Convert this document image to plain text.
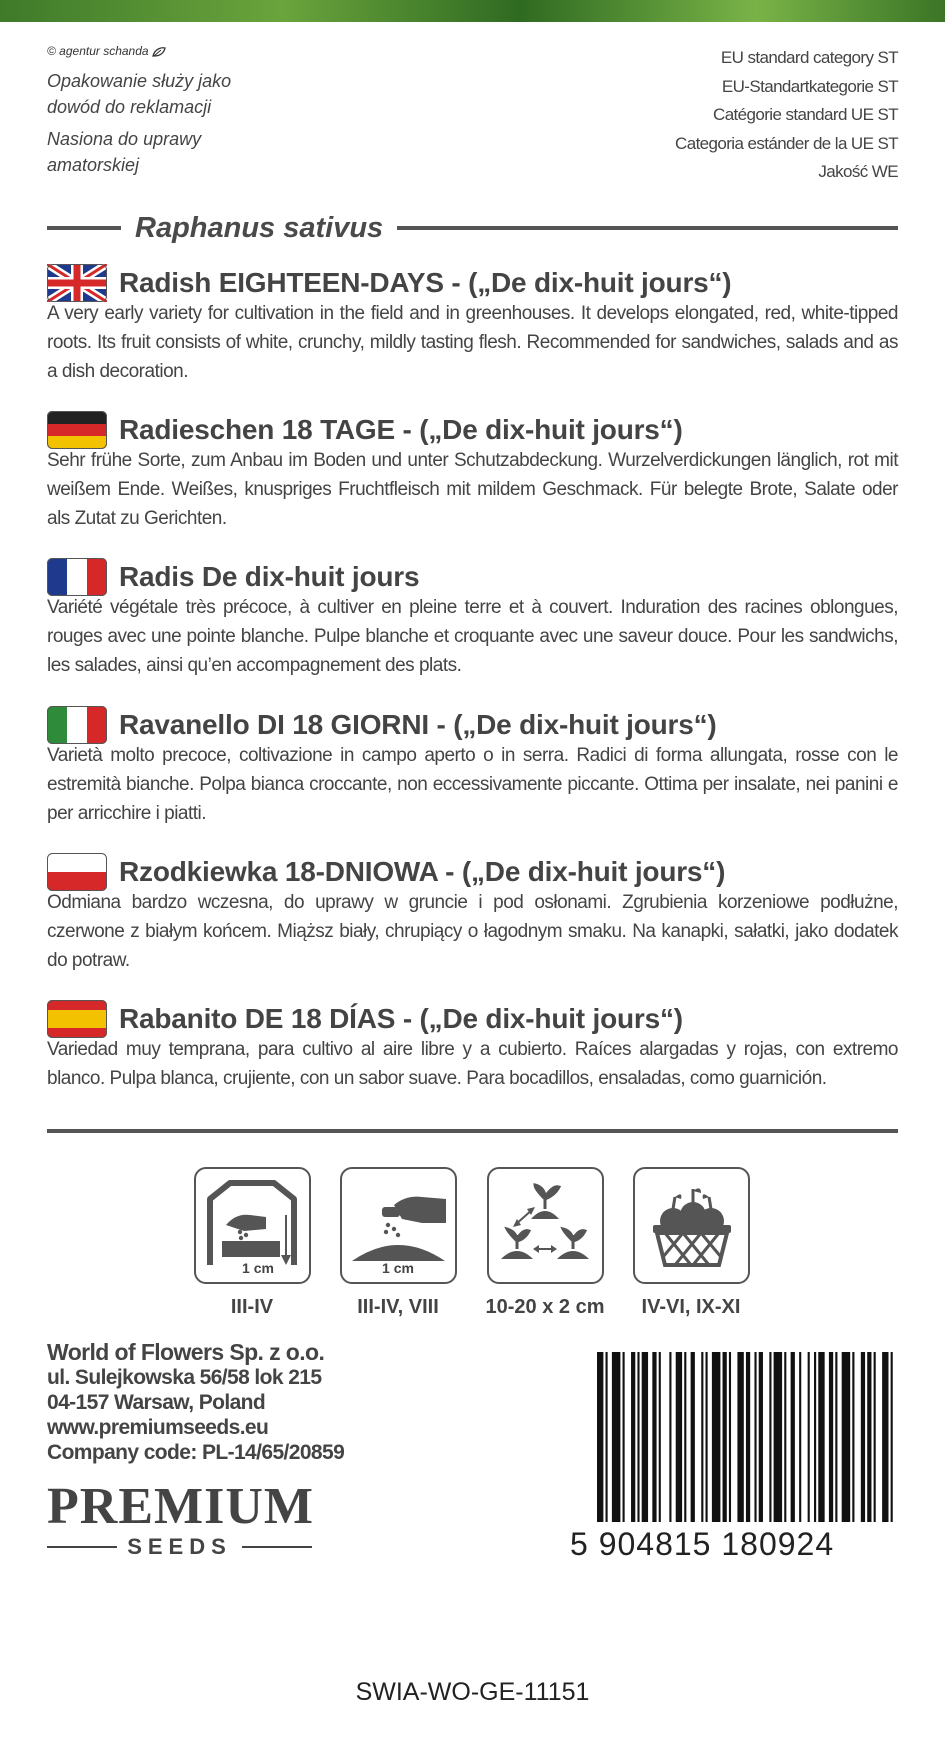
© agentur schanda
Opakowanie służy jako
dowód do reklamacji
Nasiona do uprawy
amatorskiej
EU standard category ST
EU-Standartkategorie ST
Catégorie standard UE ST
Categoria estánder de la UE ST
Jakość WE
Raphanus sativus
Radish EIGHTEEN-DAYS - („De dix-huit jours“)
A very early variety for cultivation in the field and in greenhouses. It develops elongated, red, white-tipped roots. Its fruit consists of white, crunchy, mildly tasting flesh. Recommended for sandwiches, salads and as a dish decoration.
Radieschen 18 TAGE - („De dix-huit jours“)
Sehr frühe Sorte, zum Anbau im Boden und unter Schutzabdeckung. Wurzelverdickungen länglich, rot mit weißem Ende. Weißes, knuspriges Fruchtfleisch mit mildem Geschmack. Für belegte Brote, Salate oder als Zutat zu Gerichten.
Radis De dix-huit jours
Variété végétale très précoce, à cultiver en pleine terre et à couvert. Induration des racines oblongues, rouges avec une pointe blanche. Pulpe blanche et croquante avec une saveur douce. Pour les sandwichs, les salades, ainsi qu’en accompagnement des plats.
Ravanello DI 18 GIORNI - („De dix-huit jours“)
Varietà molto precoce, coltivazione in campo aperto o in serra. Radici di forma allungata, rosse con le estremità bianche. Polpa bianca croccante, non eccessivamente piccante. Ottima per insalate, nei panini e per arricchire i piatti.
Rzodkiewka 18-DNIOWA - („De dix-huit jours“)
Odmiana bardzo wczesna, do uprawy w gruncie i pod osłonami. Zgrubienia korzeniowe podłużne, czerwone z białym końcem. Miąższ biały, chrupiący o łagodnym smaku. Na kanapki, sałatki, jako dodatek do potraw.
Rabanito DE 18 DÍAS - („De dix-huit jours“)
Variedad muy temprana, para cultivo al aire libre y a cubierto. Raíces alargadas y rojas, con extremo blanco. Pulpa blanca, crujiente, con un sabor suave. Para bocadillos, ensaladas, como guarnición.
1 cm	1 cm
III-IV	III-IV, VIII	10-20 x 2 cm	IV-VI, IX-XI
World of Flowers Sp. z o.o.
ul. Sulejkowska 56/58 lok 215
04-157 Warsaw, Poland
www.premiumseeds.eu
Company code: PL-14/65/20859
PREMIUM
SEEDS	5 904815 180924
SWIA-WO-GE-11151
